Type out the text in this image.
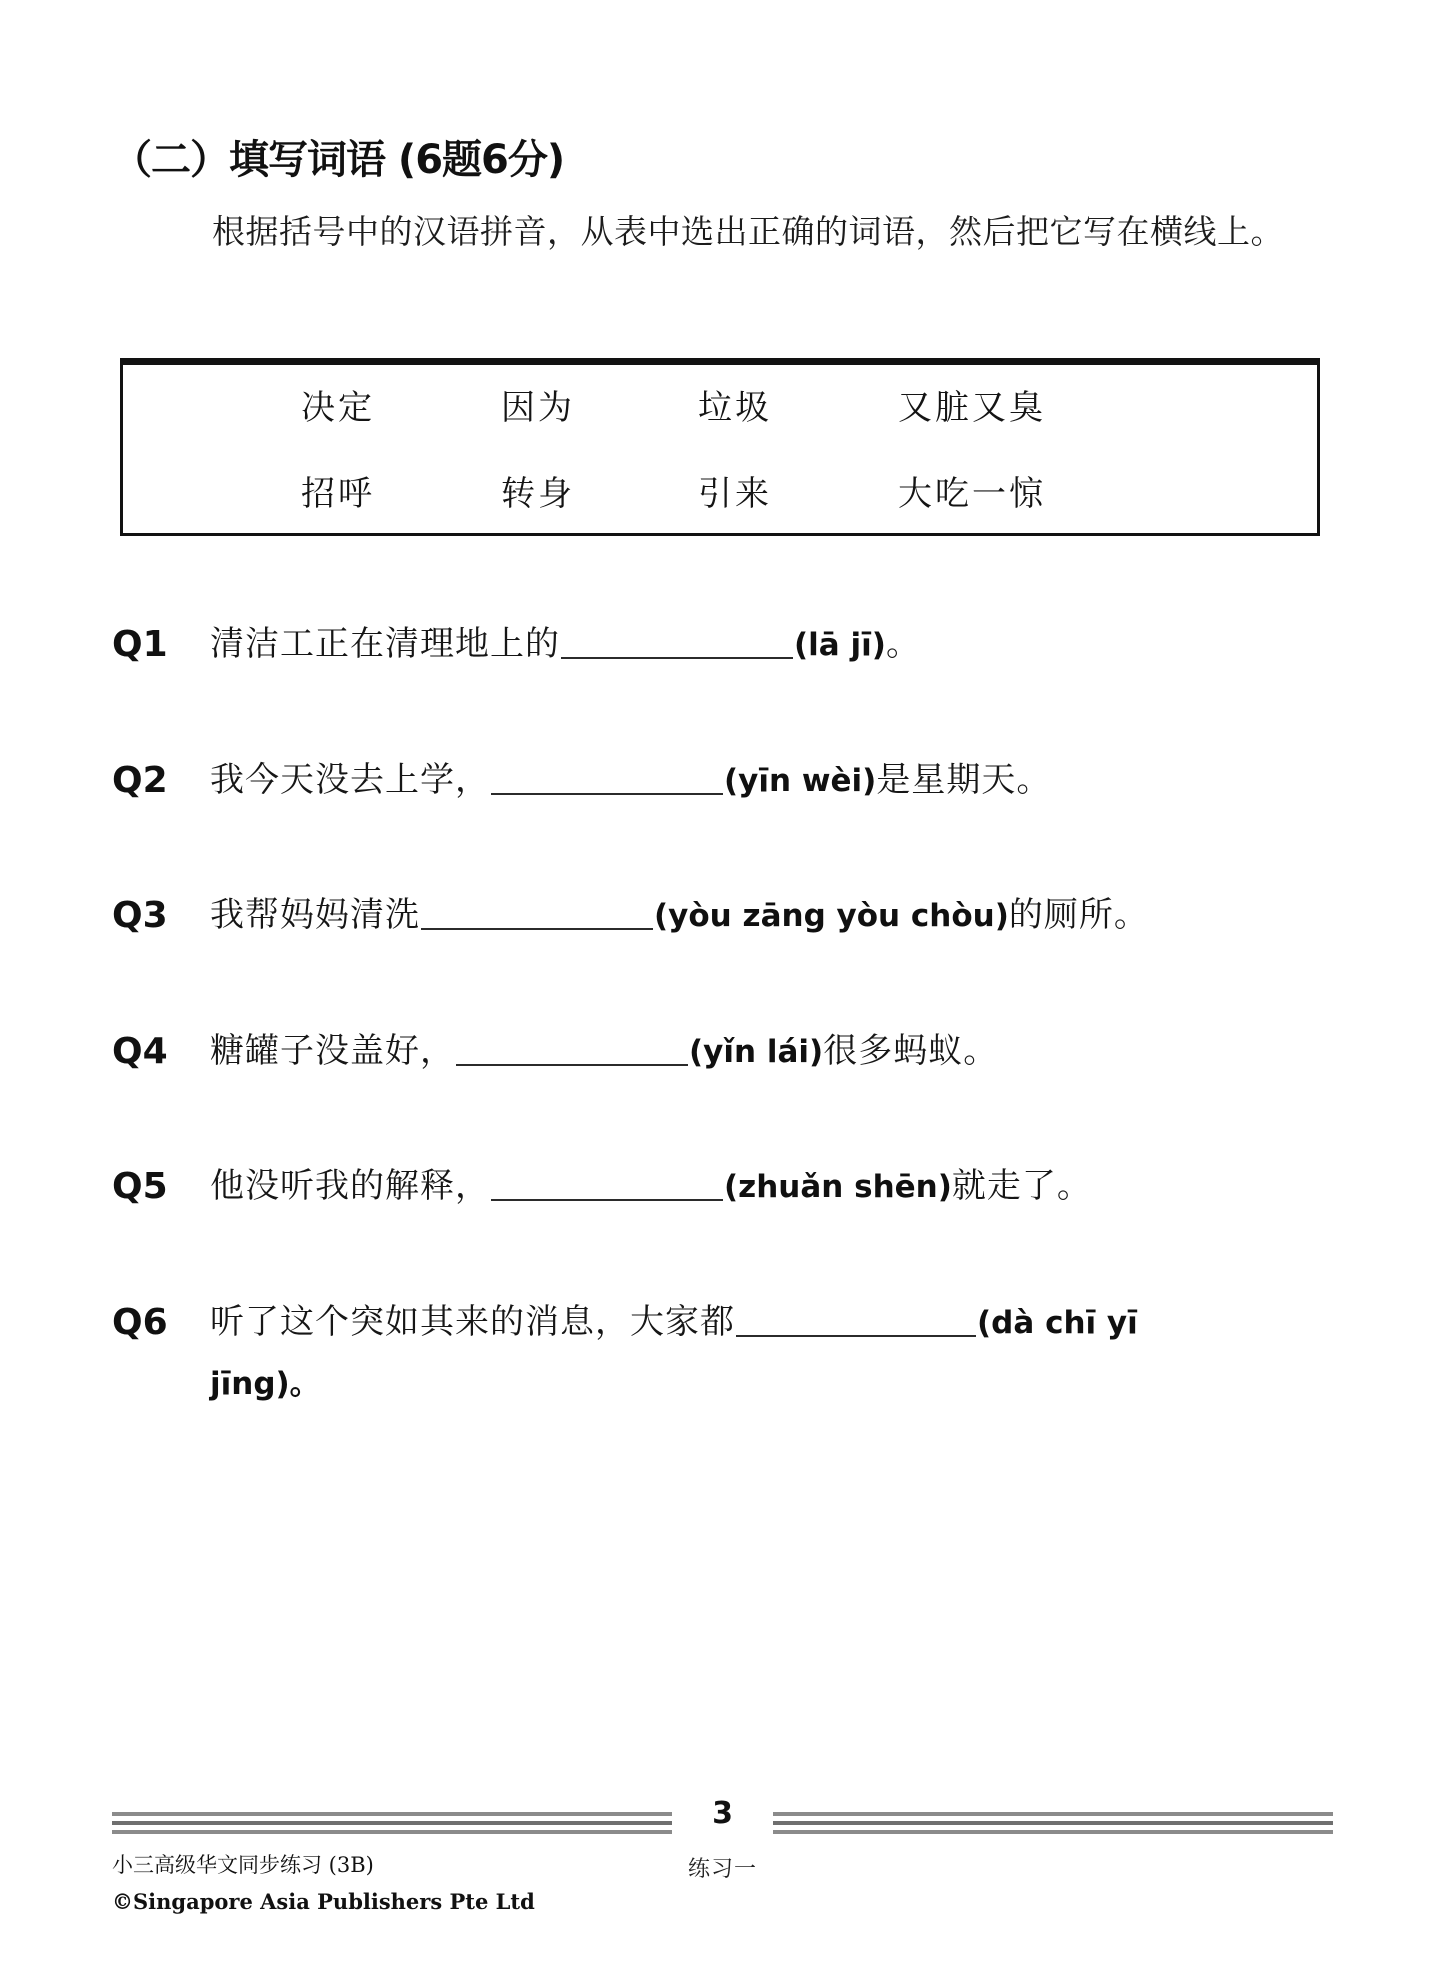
（二）填写词语 (6题6分)
根据括号中的汉语拼音，从表中选出正确的词语，然后把它写在横线上。
决定	因为	垃圾	又脏又臭
招呼	转身	引来	大吃一惊
Q1	清洁工正在清理地上的	(lā jī)。
Q2	我今天没去上学，	(yīn wèi)是星期天。
Q3	我帮妈妈清洗	(yòu zāng yòu chòu)的厕所。
Q4	糖罐子没盖好，	(yǐn lái)很多蚂蚁。
Q5	他没听我的解释，	(zhuǎn shēn)就走了。
Q6	听了这个突如其来的消息，大家都	(dà chī yī
jīng)。
3
练习一
小三高级华文同步练习 (3B)
©Singapore Asia Publishers Pte Ltd
